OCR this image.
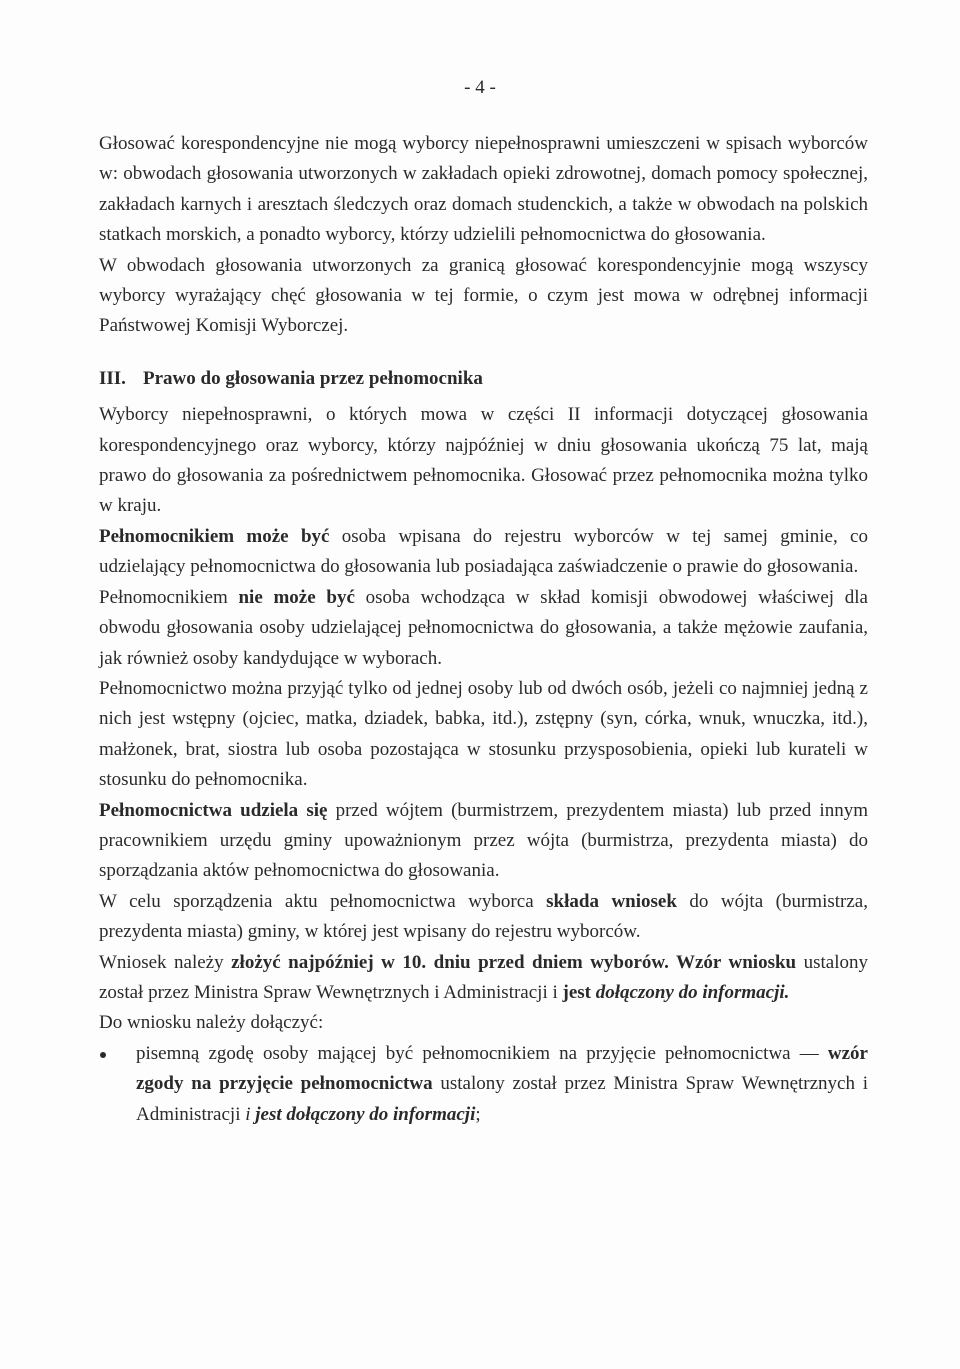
- 4 -

Głosować korespondencyjne nie mogą wyborcy niepełnosprawni umieszczeni w spisach wyborców w: obwodach głosowania utworzonych w zakładach opieki zdrowotnej, domach pomocy społecznej, zakładach karnych i aresztach śledczych oraz domach studenckich, a także w obwodach na polskich statkach morskich, a ponadto wyborcy, którzy udzielili pełnomocnictwa do głosowania.

W obwodach głosowania utworzonych za granicą głosować korespondencyjnie mogą wszyscy wyborcy wyrażający chęć głosowania w tej formie, o czym jest mowa w odrębnej informacji Państwowej Komisji Wyborczej.

III. Prawo do głosowania przez pełnomocnika

Wyborcy niepełnosprawni, o których mowa w części II informacji dotyczącej głosowania korespondencyjnego oraz wyborcy, którzy najpóźniej w dniu głosowania ukończą 75 lat, mają prawo do głosowania za pośrednictwem pełnomocnika. Głosować przez pełnomocnika można tylko w kraju.

Pełnomocnikiem może być osoba wpisana do rejestru wyborców w tej samej gminie, co udzielający pełnomocnictwa do głosowania lub posiadająca zaświadczenie o prawie do głosowania.

Pełnomocnikiem nie może być osoba wchodząca w skład komisji obwodowej właściwej dla obwodu głosowania osoby udzielającej pełnomocnictwa do głosowania, a także mężowie zaufania, jak również osoby kandydujące w wyborach.

Pełnomocnictwo można przyjąć tylko od jednej osoby lub od dwóch osób, jeżeli co najmniej jedną z nich jest wstępny (ojciec, matka, dziadek, babka, itd.), zstępny (syn, córka, wnuk, wnuczka, itd.), małżonek, brat, siostra lub osoba pozostająca w stosunku przysposobienia, opieki lub kurateli w stosunku do pełnomocnika.

Pełnomocnictwa udziela się przed wójtem (burmistrzem, prezydentem miasta) lub przed innym pracownikiem urzędu gminy upoważnionym przez wójta (burmistrza, prezydenta miasta) do sporządzania aktów pełnomocnictwa do głosowania.

W celu sporządzenia aktu pełnomocnictwa wyborca składa wniosek do wójta (burmistrza, prezydenta miasta) gminy, w której jest wpisany do rejestru wyborców.

Wniosek należy złożyć najpóźniej w 10. dniu przed dniem wyborów. Wzór wniosku ustalony został przez Ministra Spraw Wewnętrznych i Administracji i jest dołączony do informacji.

Do wniosku należy dołączyć:

pisemną zgodę osoby mającej być pełnomocnikiem na przyjęcie pełnomocnictwa — wzór zgody na przyjęcie pełnomocnictwa ustalony został przez Ministra Spraw Wewnętrznych i Administracji i jest dołączony do informacji;
